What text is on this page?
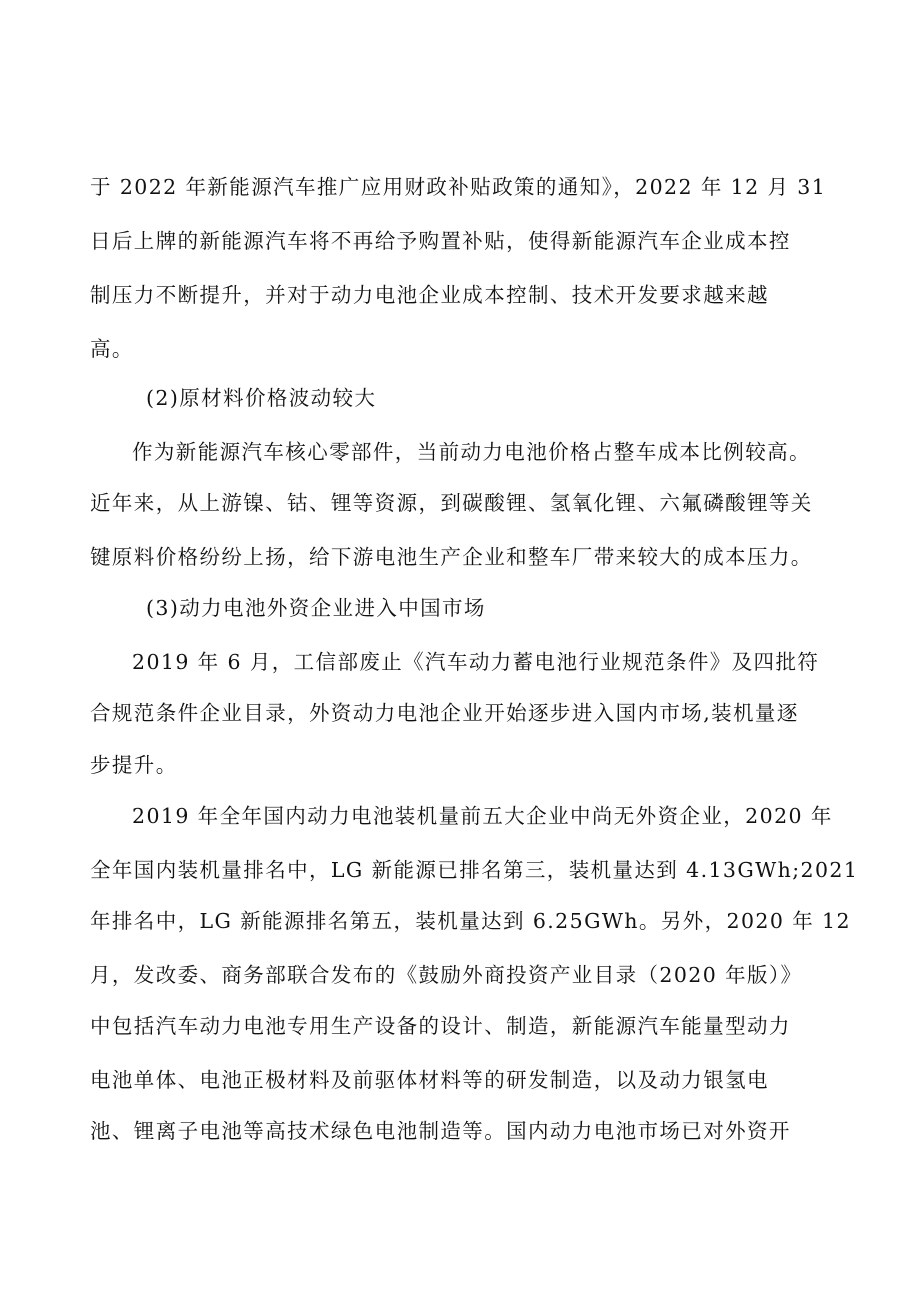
于 2022 年新能源汽车推广应用财政补贴政策的通知》，2022 年 12 月 31
日后上牌的新能源汽车将不再给予购置补贴，使得新能源汽车企业成本控
制压力不断提升，并对于动力电池企业成本控制、技术开发要求越来越
高。
(2)原材料价格波动较大
作为新能源汽车核心零部件，当前动力电池价格占整车成本比例较高。
近年来，从上游镍、钴、锂等资源，到碳酸锂、氢氧化锂、六氟磷酸锂等关
键原料价格纷纷上扬，给下游电池生产企业和整车厂带来较大的成本压力。
(3)动力电池外资企业进入中国市场
2019 年 6 月，工信部废止《汽车动力蓄电池行业规范条件》及四批符
合规范条件企业目录，外资动力电池企业开始逐步进入国内市场,装机量逐
步提升。
2019 年全年国内动力电池装机量前五大企业中尚无外资企业，2020 年
全年国内装机量排名中，LG 新能源已排名第三，装机量达到 4.13GWh;2021
年排名中，LG 新能源排名第五，装机量达到 6.25GWh。另外，2020 年 12
月，发改委、商务部联合发布的《鼓励外商投资产业目录（2020 年版）》
中包括汽车动力电池专用生产设备的设计、制造，新能源汽车能量型动力
电池单体、电池正极材料及前驱体材料等的研发制造，以及动力银氢电
池、锂离子电池等高技术绿色电池制造等。国内动力电池市场已对外资开
